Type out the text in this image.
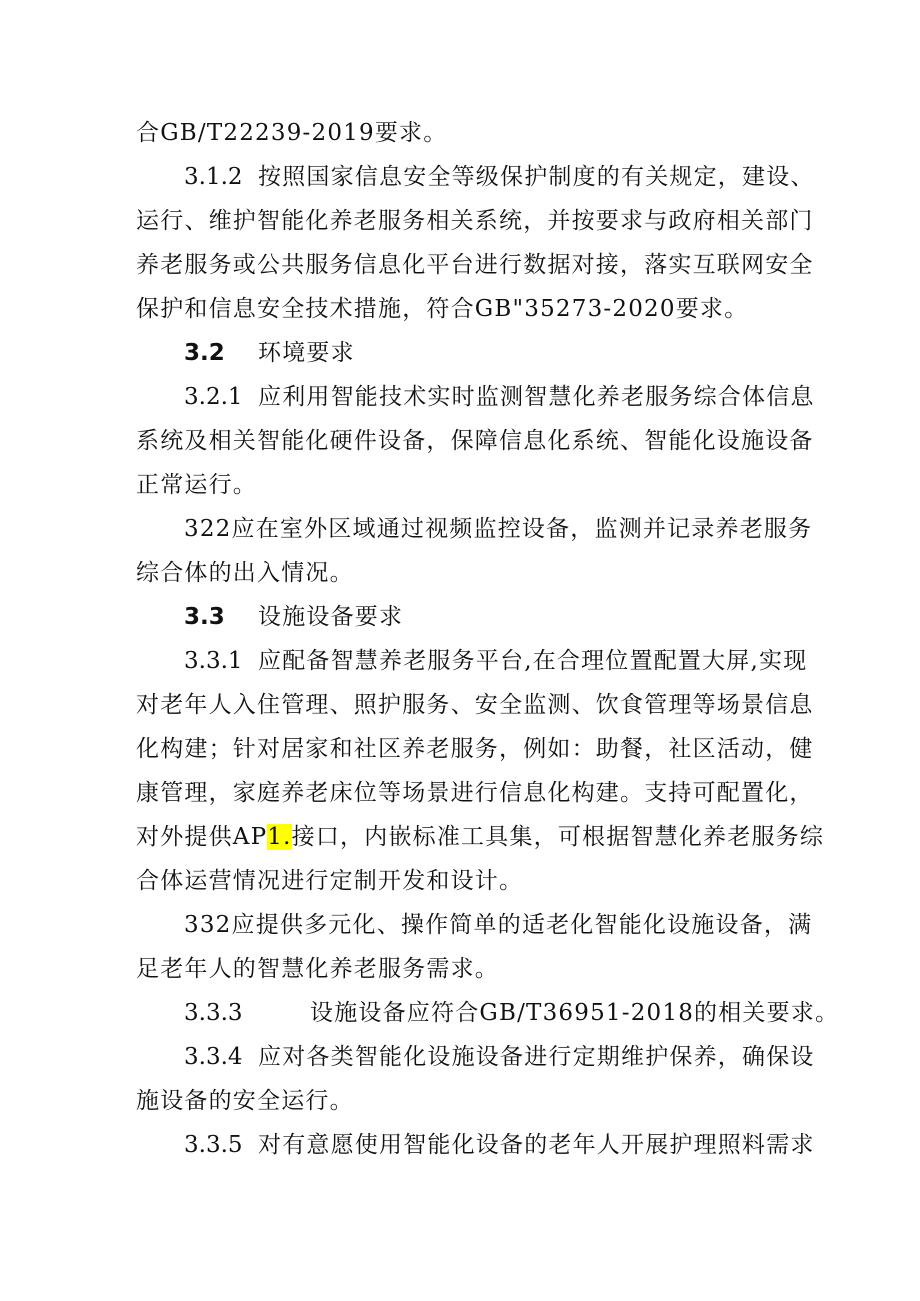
合GB/T22239-2019要求。
3.1.2 按照国家信息安全等级保护制度的有关规定，建设、
运行、维护智能化养老服务相关系统，并按要求与政府相关部门
养老服务或公共服务信息化平台进行数据对接，落实互联网安全
保护和信息安全技术措施，符合GB"35273-2020要求。
3.2 环境要求
3.2.1 应利用智能技术实时监测智慧化养老服务综合体信息
系统及相关智能化硬件设备，保障信息化系统、智能化设施设备
正常运行。
322应在室外区域通过视频监控设备，监测并记录养老服务
综合体的出入情况。
3.3 设施设备要求
3.3.1 应配备智慧养老服务平台,在合理位置配置大屏,实现
对老年人入住管理、照护服务、安全监测、饮食管理等场景信息
化构建；针对居家和社区养老服务，例如：助餐，社区活动，健
康管理，家庭养老床位等场景进行信息化构建。支持可配置化，
对外提供AP1.接口，内嵌标准工具集，可根据智慧化养老服务综
合体运营情况进行定制开发和设计。
332应提供多元化、操作简单的适老化智能化设施设备，满
足老年人的智慧化养老服务需求。
3.3.3	设施设备应符合GB/T36951-2018的相关要求。
3.3.4 应对各类智能化设施设备进行定期维护保养，确保设
施设备的安全运行。
3.3.5 对有意愿使用智能化设备的老年人开展护理照料需求
